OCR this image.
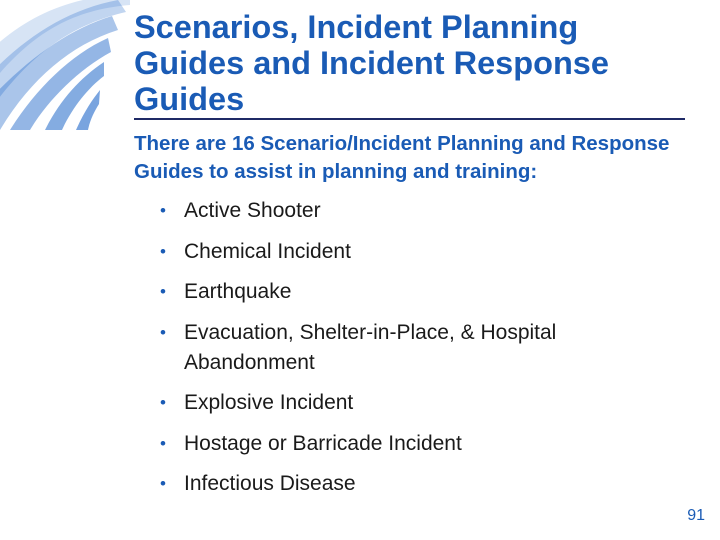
Scenarios, Incident Planning Guides and Incident Response Guides

There are 16 Scenario/Incident Planning and Response Guides to assist in planning and training:

• Active Shooter
• Chemical Incident
• Earthquake
• Evacuation, Shelter-in-Place, & Hospital Abandonment
• Explosive Incident
• Hostage or Barricade Incident
• Infectious Disease
91
